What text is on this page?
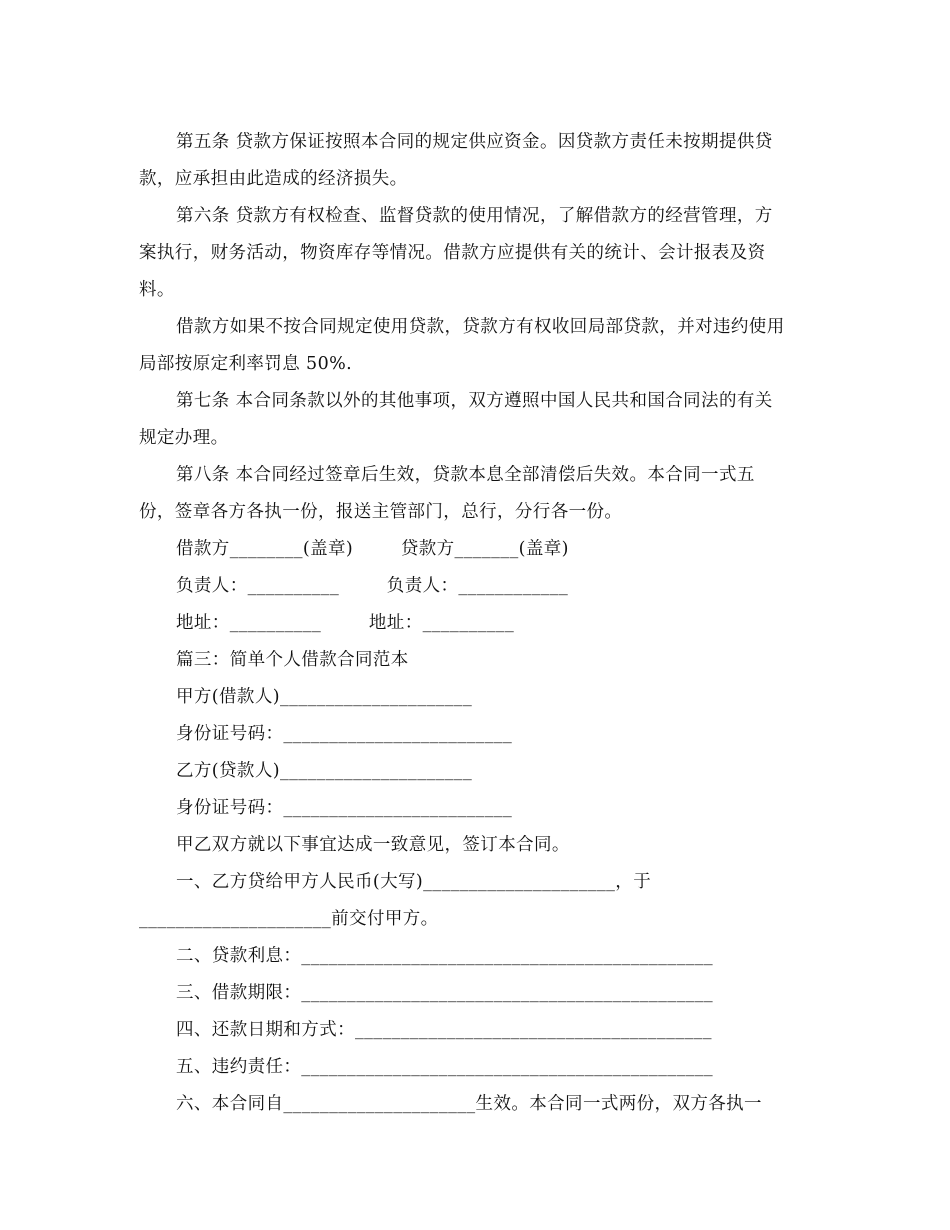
第五条 贷款方保证按照本合同的规定供应资金。因贷款方责任未按期提供贷
款，应承担由此造成的经济损失。
第六条 贷款方有权检查、监督贷款的使用情况，了解借款方的经营管理，方
案执行，财务活动，物资库存等情况。借款方应提供有关的统计、会计报表及资
料。
借款方如果不按合同规定使用贷款，贷款方有权收回局部贷款，并对违约使用
局部按原定利率罚息 50%.
第七条 本合同条款以外的其他事项，双方遵照中国人民共和国合同法的有关
规定办理。
第八条 本合同经过签章后生效，贷款本息全部清偿后失效。本合同一式五
份，签章各方各执一份，报送主管部门，总行，分行各一份。
借款方________(盖章)        贷款方_______(盖章)
负责人：__________        负责人：____________
地址：__________        地址：__________
篇三：简单个人借款合同范本
甲方(借款人)_____________________
身份证号码：_________________________
乙方(贷款人)_____________________
身份证号码：_________________________
甲乙双方就以下事宜达成一致意见，签订本合同。
一、乙方贷给甲方人民币(大写)_____________________，于
_____________________前交付甲方。
二、贷款利息：_____________________________________________
三、借款期限：_____________________________________________
四、还款日期和方式：_______________________________________
五、违约责任：_____________________________________________
六、本合同自_____________________生效。本合同一式两份，双方各执一
